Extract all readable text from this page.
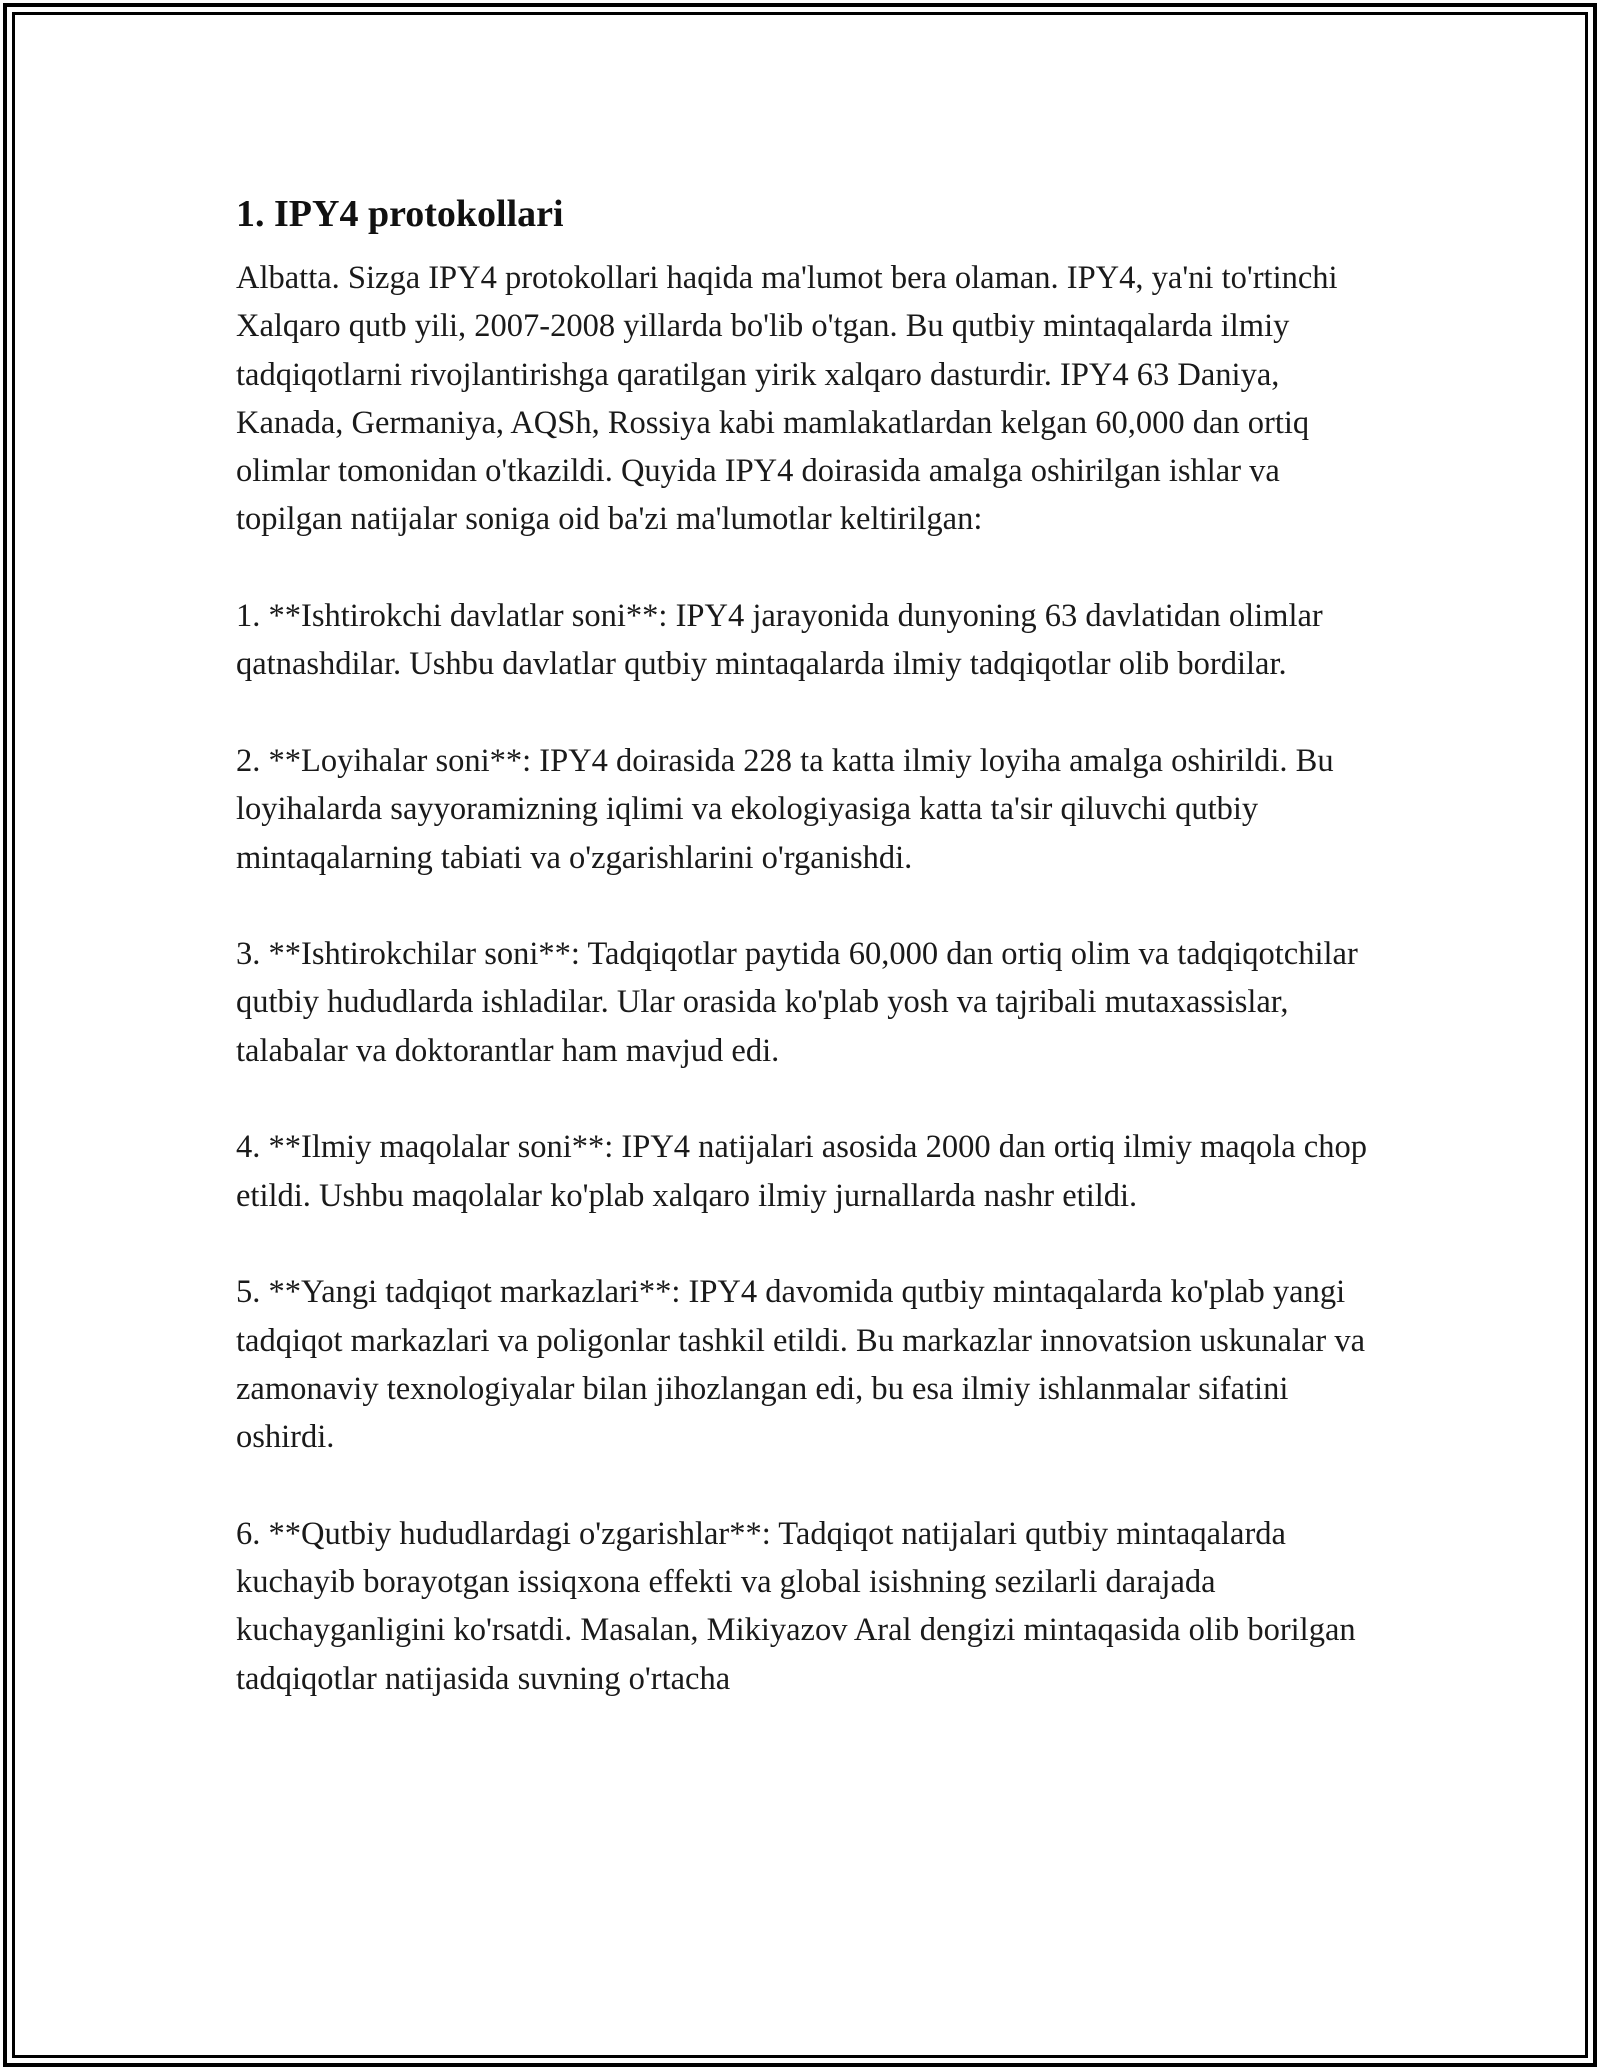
1. IPY4 protokollari

Albatta. Sizga IPY4 protokollari haqida ma'lumot bera olaman. IPY4, ya'ni to'rtinchi Xalqaro qutb yili, 2007-2008 yillarda bo'lib o'tgan. Bu qutbiy mintaqalarda ilmiy tadqiqotlarni rivojlantirishga qaratilgan yirik xalqaro dasturdir. IPY4 63 Daniya, Kanada, Germaniya, AQSh, Rossiya kabi mamlakatlardan kelgan 60,000 dan ortiq olimlar tomonidan o'tkazildi. Quyida IPY4 doirasida amalga oshirilgan ishlar va topilgan natijalar soniga oid ba'zi ma'lumotlar keltirilgan:

1. **Ishtirokchi davlatlar soni**: IPY4 jarayonida dunyoning 63 davlatidan olimlar qatnashdilar. Ushbu davlatlar qutbiy mintaqalarda ilmiy tadqiqotlar olib bordilar.

2. **Loyihalar soni**: IPY4 doirasida 228 ta katta ilmiy loyiha amalga oshirildi. Bu loyihalarda sayyoramizning iqlimi va ekologiyasiga katta ta'sir qiluvchi qutbiy mintaqalarning tabiati va o'zgarishlarini o'rganishdi.

3. **Ishtirokchilar soni**: Tadqiqotlar paytida 60,000 dan ortiq olim va tadqiqotchilar qutbiy hududlarda ishladilar. Ular orasida ko'plab yosh va tajribali mutaxassislar, talabalar va doktorantlar ham mavjud edi.

4. **Ilmiy maqolalar soni**: IPY4 natijalari asosida 2000 dan ortiq ilmiy maqola chop etildi. Ushbu maqolalar ko'plab xalqaro ilmiy jurnallarda nashr etildi.

5. **Yangi tadqiqot markazlari**: IPY4 davomida qutbiy mintaqalarda ko'plab yangi tadqiqot markazlari va poligonlar tashkil etildi. Bu markazlar innovatsion uskunalar va zamonaviy texnologiyalar bilan jihozlangan edi, bu esa ilmiy ishlanmalar sifatini oshirdi.

6. **Qutbiy hududlardagi o'zgarishlar**: Tadqiqot natijalari qutbiy mintaqalarda kuchayib borayotgan issiqxona effekti va global isishning sezilarli darajada kuchayganligini ko'rsatdi. Masalan, Mikiyazov Aral dengizi mintaqasida olib borilgan tadqiqotlar natijasida suvning o'rtacha
